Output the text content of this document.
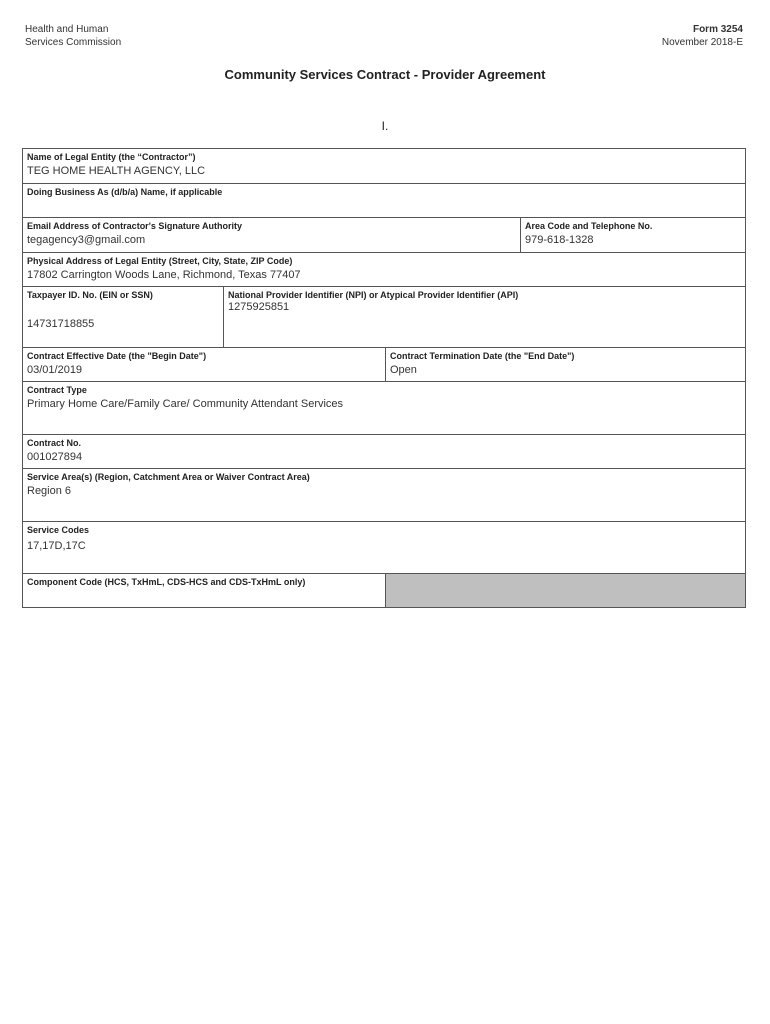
Health and Human
Services Commission
Form 3254
November 2018-E
Community Services Contract - Provider Agreement
I.
Name of Legal Entity (the “Contractor”)
TEG HOME HEALTH AGENCY, LLC
Doing Business As (d/b/a) Name, if applicable
Email Address of Contractor's Signature Authority
tegagency3@gmail.com
Area Code and Telephone No.
979-618-1328
Physical Address of Legal Entity (Street, City, State, ZIP Code)
17802 Carrington Woods Lane, Richmond, Texas 77407
Taxpayer ID. No. (EIN or SSN)
14731718855
National Provider Identifier (NPI) or Atypical Provider Identifier (API)
1275925851
Contract Effective Date (the "Begin Date")
03/01/2019
Contract Termination Date (the "End Date")
Open
Contract Type
Primary Home Care/Family Care/ Community Attendant Services
Contract No.
001027894
Service Area(s) (Region, Catchment Area or Waiver Contract Area)
Region 6
Service Codes
17,17D,17C
Component Code (HCS, TxHmL, CDS-HCS and CDS-TxHmL only)
